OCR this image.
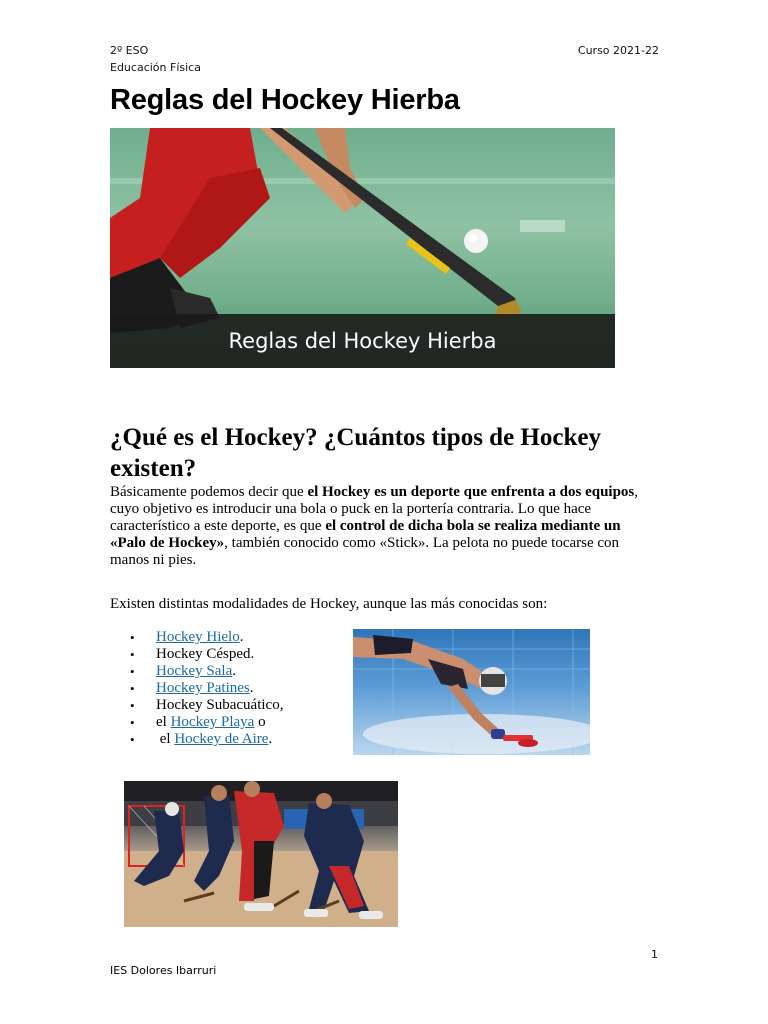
2º ESO
Educación Física
Curso 2021-22
Reglas del Hockey Hierba
Reglas del Hockey Hierba
¿Qué es el Hockey? ¿Cuántos tipos de Hockey existen?

Básicamente podemos decir que el Hockey es un deporte que enfrenta a dos equipos, cuyo objetivo es introducir una bola o puck en la portería contraria. Lo que hace característico a este deporte, es que el control de dicha bola se realiza mediante un «Palo de Hockey», también conocido como «Stick». La pelota no puede tocarse con manos ni pies.

Existen distintas modalidades de Hockey, aunque las más conocidas son:

• Hockey Hielo.
• Hockey Césped.
• Hockey Sala.
• Hockey Patines.
• Hockey Subacuático,
• el Hockey Playa o
•  el Hockey de Aire.
1
IES Dolores Ibarruri
